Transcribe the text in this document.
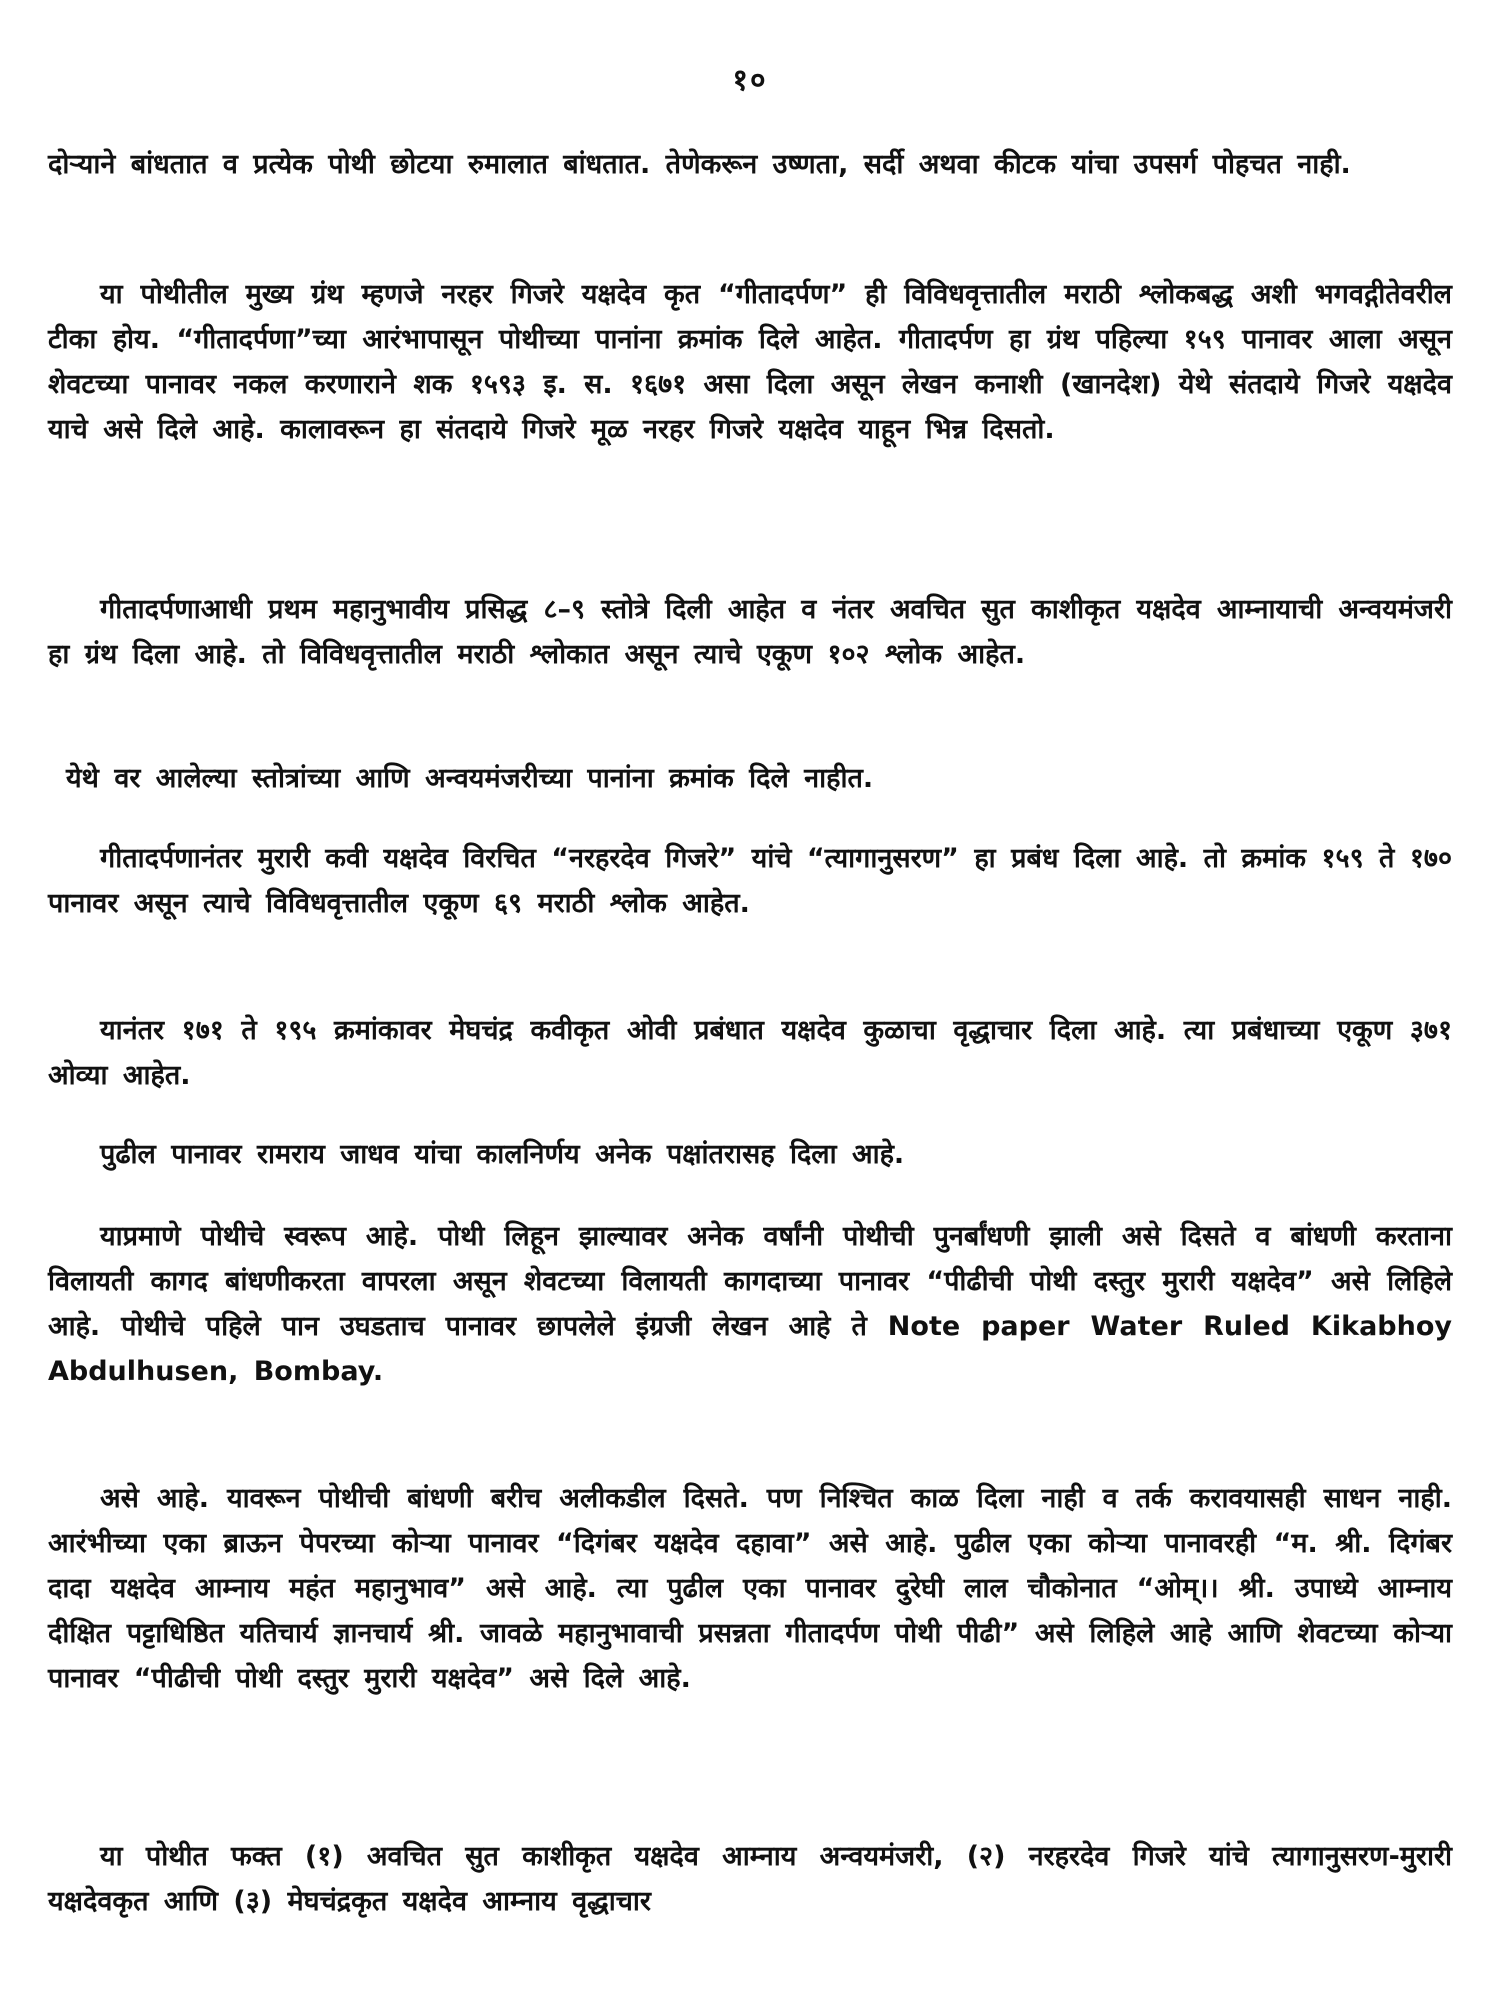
१०

दोऱ्याने बांधतात व प्रत्येक पोथी छोटया रुमालात बांधतात. तेणेकरून उष्णता, सर्दी अथवा कीटक यांचा उपसर्ग पोहचत नाही.

या पोथीतील मुख्य ग्रंथ म्हणजे नरहर गिजरे यक्षदेव कृत “गीतादर्पण” ही विविधवृत्तातील मराठी श्लोकबद्ध अशी भगवद्गीतेवरील टीका होय. “गीतादर्पणा”च्या आरंभापासून पोथीच्या पानांना क्रमांक दिले आहेत. गीतादर्पण हा ग्रंथ पहिल्या १५९ पानावर आला असून शेवटच्या पानावर नकल करणाराने शक १५९३ इ. स. १६७१ असा दिला असून लेखन कनाशी (खानदेश) येथे संतदाये गिजरे यक्षदेव याचे असे दिले आहे. कालावरून हा संतदाये गिजरे मूळ नरहर गिजरे यक्षदेव याहून भिन्न दिसतो.

गीतादर्पणाआधी प्रथम महानुभावीय प्रसिद्ध ८–९ स्तोत्रे दिली आहेत व नंतर अवचित सुत काशीकृत यक्षदेव आम्नायाची अन्वयमंजरी हा ग्रंथ दिला आहे. तो विविधवृत्तातील मराठी श्लोकात असून त्याचे एकूण १०२ श्लोक आहेत.

येथे वर आलेल्या स्तोत्रांच्या आणि अन्वयमंजरीच्या पानांना क्रमांक दिले नाहीत.

गीतादर्पणानंतर मुरारी कवी यक्षदेव विरचित “नरहरदेव गिजरे” यांचे “त्यागानुसरण” हा प्रबंध दिला आहे. तो क्रमांक १५९ ते १७० पानावर असून त्याचे विविधवृत्तातील एकूण ६९ मराठी श्लोक आहेत.

यानंतर १७१ ते १९५ क्रमांकावर मेघचंद्र कवीकृत ओवी प्रबंधात यक्षदेव कुळाचा वृद्धाचार दिला आहे. त्या प्रबंधाच्या एकूण ३७१ ओव्या आहेत.

पुढील पानावर रामराय जाधव यांचा कालनिर्णय अनेक पक्षांतरासह दिला आहे.

याप्रमाणे पोथीचे स्वरूप आहे. पोथी लिहून झाल्यावर अनेक वर्षांनी पोथीची पुनर्बांधणी झाली असे दिसते व बांधणी करताना विलायती कागद बांधणीकरता वापरला असून शेवटच्या विलायती कागदाच्या पानावर “पीढीची पोथी दस्तुर मुरारी यक्षदेव” असे लिहिले आहे. पोथीचे पहिले पान उघडताच पानावर छापलेले इंग्रजी लेखन आहे ते Note paper Water Ruled Kikabhoy Abdulhusen, Bombay.

असे आहे. यावरून पोथीची बांधणी बरीच अलीकडील दिसते. पण निश्चित काळ दिला नाही व तर्क करावयासही साधन नाही. आरंभीच्या एका ब्राऊन पेपरच्या कोऱ्या पानावर “दिगंबर यक्षदेव दहावा” असे आहे. पुढील एका कोऱ्या पानावरही “म. श्री. दिगंबर दादा यक्षदेव आम्नाय महंत महानुभाव” असे आहे. त्या पुढील एका पानावर दुरेघी लाल चौकोनात “ओम्।। श्री. उपाध्ये आम्नाय दीक्षित पट्टाधिष्ठित यतिचार्य ज्ञानचार्य श्री. जावळे महानुभावाची प्रसन्नता गीतादर्पण पोथी पीढी” असे लिहिले आहे आणि शेवटच्या कोऱ्या पानावर “पीढीची पोथी दस्तुर मुरारी यक्षदेव” असे दिले आहे.

या पोथीत फक्त (१) अवचित सुत काशीकृत यक्षदेव आम्नाय अन्वयमंजरी, (२) नरहरदेव गिजरे यांचे त्यागानुसरण-मुरारी यक्षदेवकृत आणि (३) मेघचंद्रकृत यक्षदेव आम्नाय वृद्धाचार
